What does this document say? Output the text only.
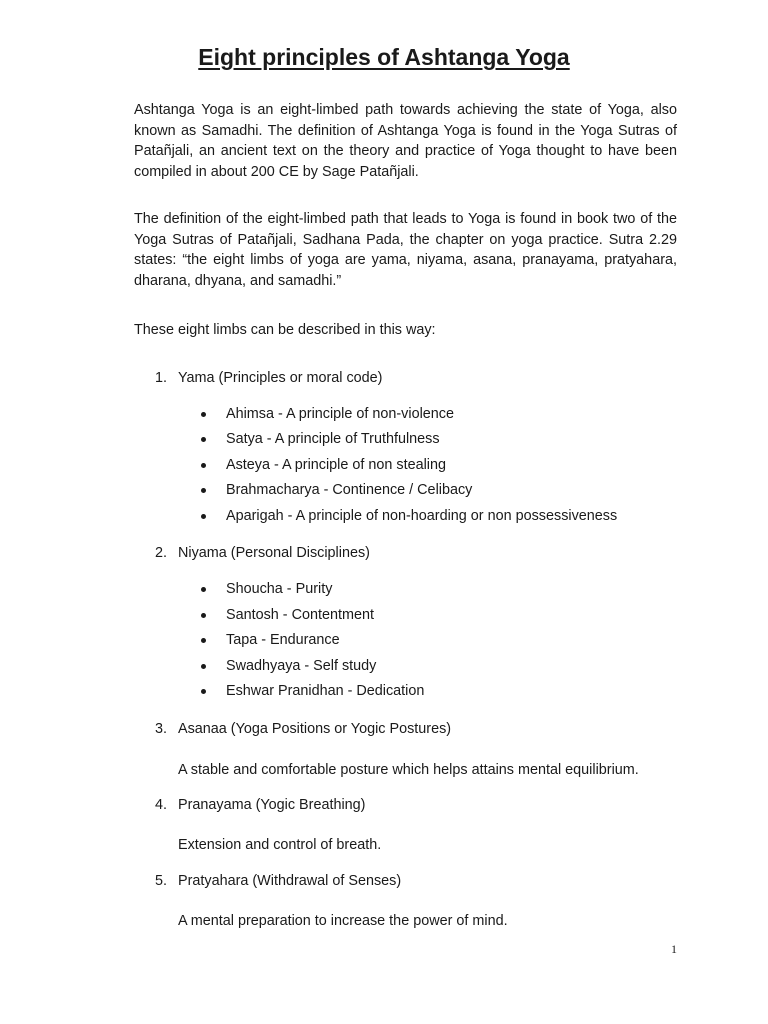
Eight principles of Ashtanga Yoga

Ashtanga Yoga is an eight-limbed path towards achieving the state of Yoga, also known as Samadhi. The definition of Ashtanga Yoga is found in the Yoga Sutras of Patañjali, an ancient text on the theory and practice of Yoga thought to have been compiled in about 200 CE by Sage Patañjali.

The definition of the eight-limbed path that leads to Yoga is found in book two of the Yoga Sutras of Patañjali, Sadhana Pada, the chapter on yoga practice. Sutra 2.29 states: “the eight limbs of yoga are yama, niyama, asana, pranayama, pratyahara, dharana, dhyana, and samadhi.”

These eight limbs can be described in this way:

1. Yama (Principles or moral code)
Ahimsa - A principle of non-violence
Satya - A principle of Truthfulness
Asteya - A principle of non stealing
Brahmacharya - Continence / Celibacy
Aparigah - A principle of non-hoarding or non possessiveness
2. Niyama (Personal Disciplines)
Shoucha - Purity
Santosh - Contentment
Tapa - Endurance
Swadhyaya - Self study
Eshwar Pranidhan - Dedication
3. Asanaa (Yoga Positions or Yogic Postures)
A stable and comfortable posture which helps attains mental equilibrium.
4. Pranayama (Yogic Breathing)
Extension and control of breath.
5. Pratyahara (Withdrawal of Senses)
A mental preparation to increase the power of mind.
1
